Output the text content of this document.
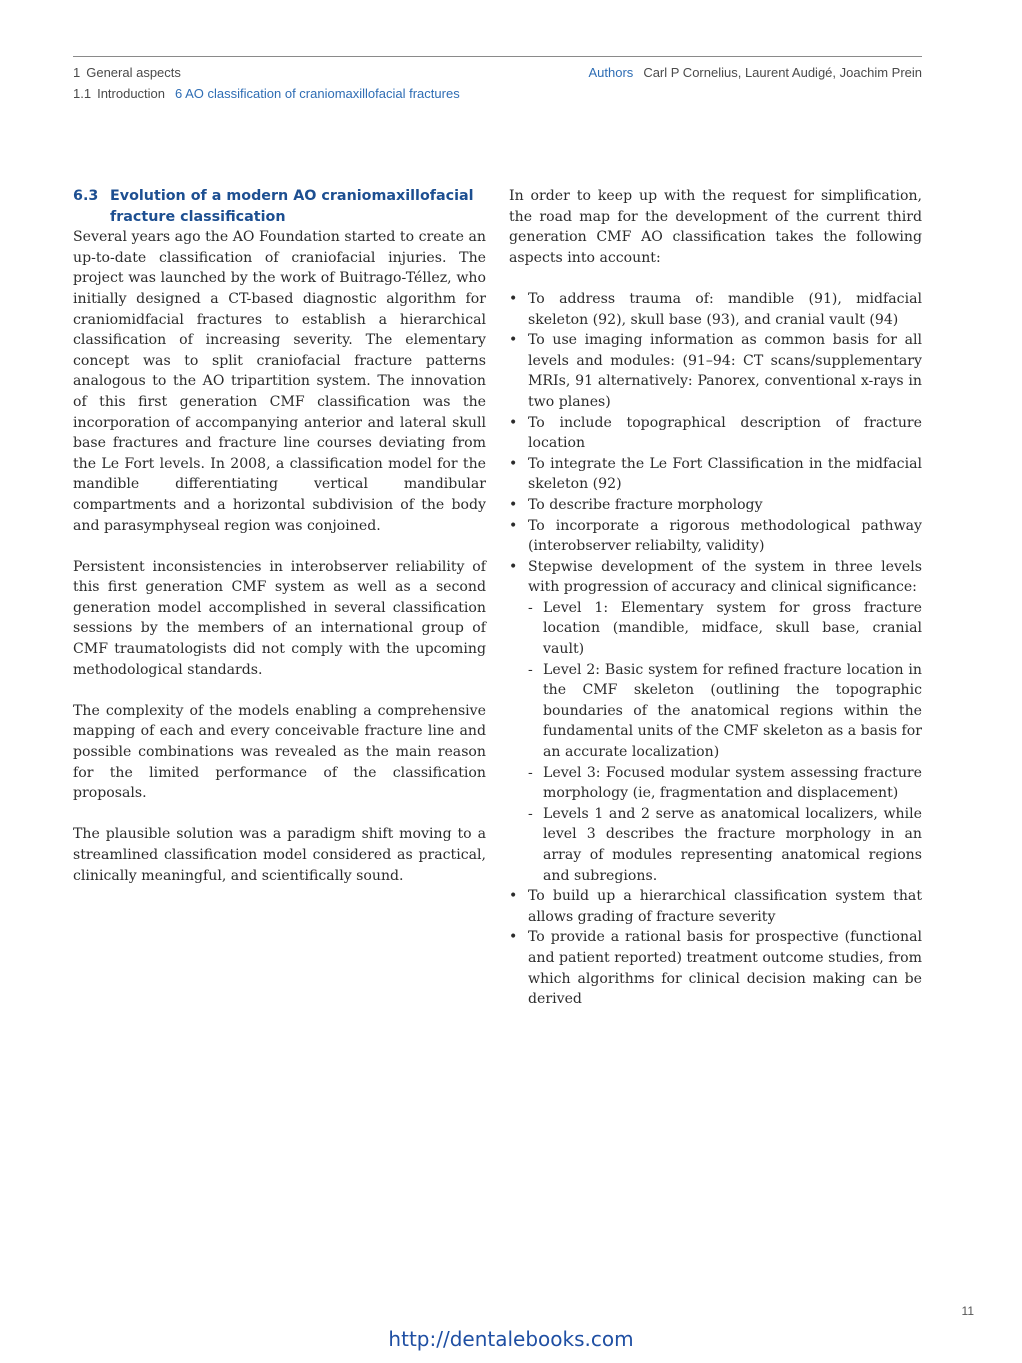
1 General aspects
1.1 Introduction 6 AO classification of craniomaxillofacial fractures
Authors Carl P Cornelius, Laurent Audigé, Joachim Prein
6.3 Evolution of a modern AO craniomaxillofacial fracture classification

Several years ago the AO Foundation started to create an up-to-date classification of craniofacial injuries. The project was launched by the work of Buitrago-Téllez, who initially designed a CT-based diagnostic algorithm for craniomidfacial fractures to establish a hierarchical classification of increasing severity. The elementary concept was to split craniofacial fracture patterns analogous to the AO tripartition system. The innovation of this first generation CMF classification was the incorporation of accompanying anterior and lateral skull base fractures and fracture line courses deviating from the Le Fort levels. In 2008, a classification model for the mandible differentiating vertical mandibular compartments and a horizontal subdivision of the body and parasymphyseal region was conjoined.

Persistent inconsistencies in interobserver reliability of this first generation CMF system as well as a second generation model accomplished in several classification sessions by the members of an international group of CMF traumatologists did not comply with the upcoming methodological standards.

The complexity of the models enabling a comprehensive mapping of each and every conceivable fracture line and possible combinations was revealed as the main reason for the limited performance of the classification proposals.

The plausible solution was a paradigm shift moving to a streamlined classification model considered as practical, clinically meaningful, and scientifically sound.

In order to keep up with the request for simplification, the road map for the development of the current third generation CMF AO classification takes the following aspects into account:

• To address trauma of: mandible (91), midfacial skeleton (92), skull base (93), and cranial vault (94)
• To use imaging information as common basis for all levels and modules: (91–94: CT scans/supplementary MRIs, 91 alternatively: Panorex, conventional x-rays in two planes)
• To include topographical description of fracture location
• To integrate the Le Fort Classification in the midfacial skeleton (92)
• To describe fracture morphology
• To incorporate a rigorous methodological pathway (interobserver reliabilty, validity)
• Stepwise development of the system in three levels with progression of accuracy and clinical significance:
- Level 1: Elementary system for gross fracture location (mandible, midface, skull base, cranial vault)
- Level 2: Basic system for refined fracture location in the CMF skeleton (outlining the topographic boundaries of the anatomical regions within the fundamental units of the CMF skeleton as a basis for an accurate localization)
- Level 3: Focused modular system assessing fracture morphology (ie, fragmentation and displacement)
- Levels 1 and 2 serve as anatomical localizers, while level 3 describes the fracture morphology in an array of modules representing anatomical regions and subregions.
• To build up a hierarchical classification system that allows grading of fracture severity
• To provide a rational basis for prospective (functional and patient reported) treatment outcome studies, from which algorithms for clinical decision making can be derived
11
http://dentalebooks.com
